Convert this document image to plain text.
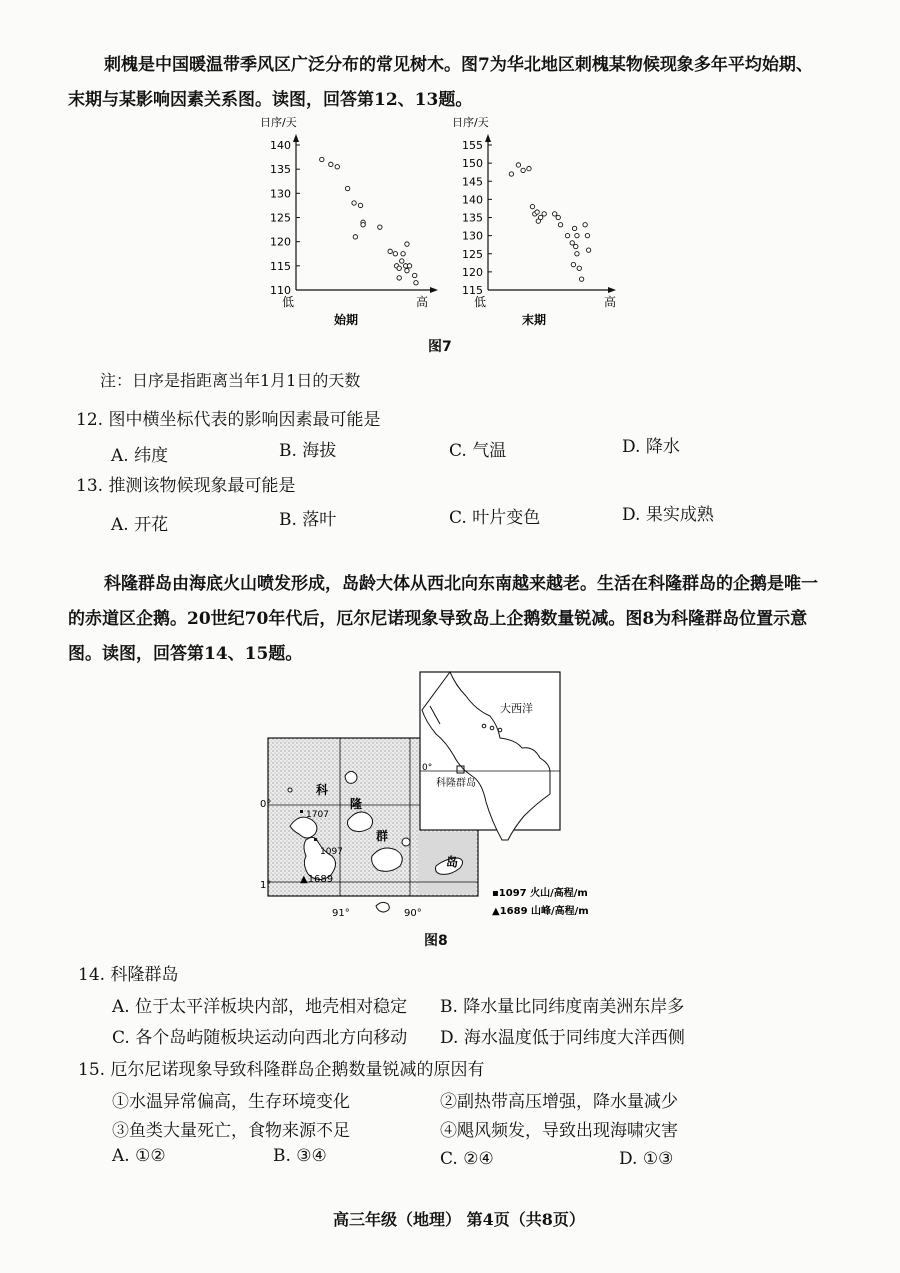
刺槐是中国暖温带季风区广泛分布的常见树木。图7为华北地区刺槐某物候现象多年平均始期、末期与某影响因素关系图。读图，回答第12、13题。
日序/天
140
135
130
125
120
115
110
低	高
始期
日序/天
155
150
145
140
135
130
125
120
115
低	高
末期
图7
注：日序是指距离当年1月1日的天数
12. 图中横坐标代表的影响因素最可能是
A. 纬度	B. 海拔	C. 气温	D. 降水
13. 推测该物候现象最可能是
A. 开花	B. 落叶	C. 叶片变色	D. 果实成熟
科隆群岛由海底火山喷发形成，岛龄大体从西北向东南越来越老。生活在科隆群岛的企鹅是唯一的赤道区企鹅。20世纪70年代后，厄尔尼诺现象导致岛上企鹅数量锐减。图8为科隆群岛位置示意图。读图，回答第14、15题。
0°
1°
91°	90°
科
隆
群
岛
1707
1097
▲1689
大西洋
0°
科隆群岛
▪1097 火山/高程/m
▲1689 山峰/高程/m
图8
14. 科隆群岛
A. 位于太平洋板块内部，地壳相对稳定 B. 降水量比同纬度南美洲东岸多
C. 各个岛屿随板块运动向西北方向移动 D. 海水温度低于同纬度大洋西侧
15. 厄尔尼诺现象导致科隆群岛企鹅数量锐减的原因有
①水温异常偏高，生存环境变化	②副热带高压增强，降水量减少
③鱼类大量死亡，食物来源不足	④飓风频发，导致出现海啸灾害
A. ①②	B. ③④	C. ②④	D. ①③
高三年级（地理） 第4页（共8页）
